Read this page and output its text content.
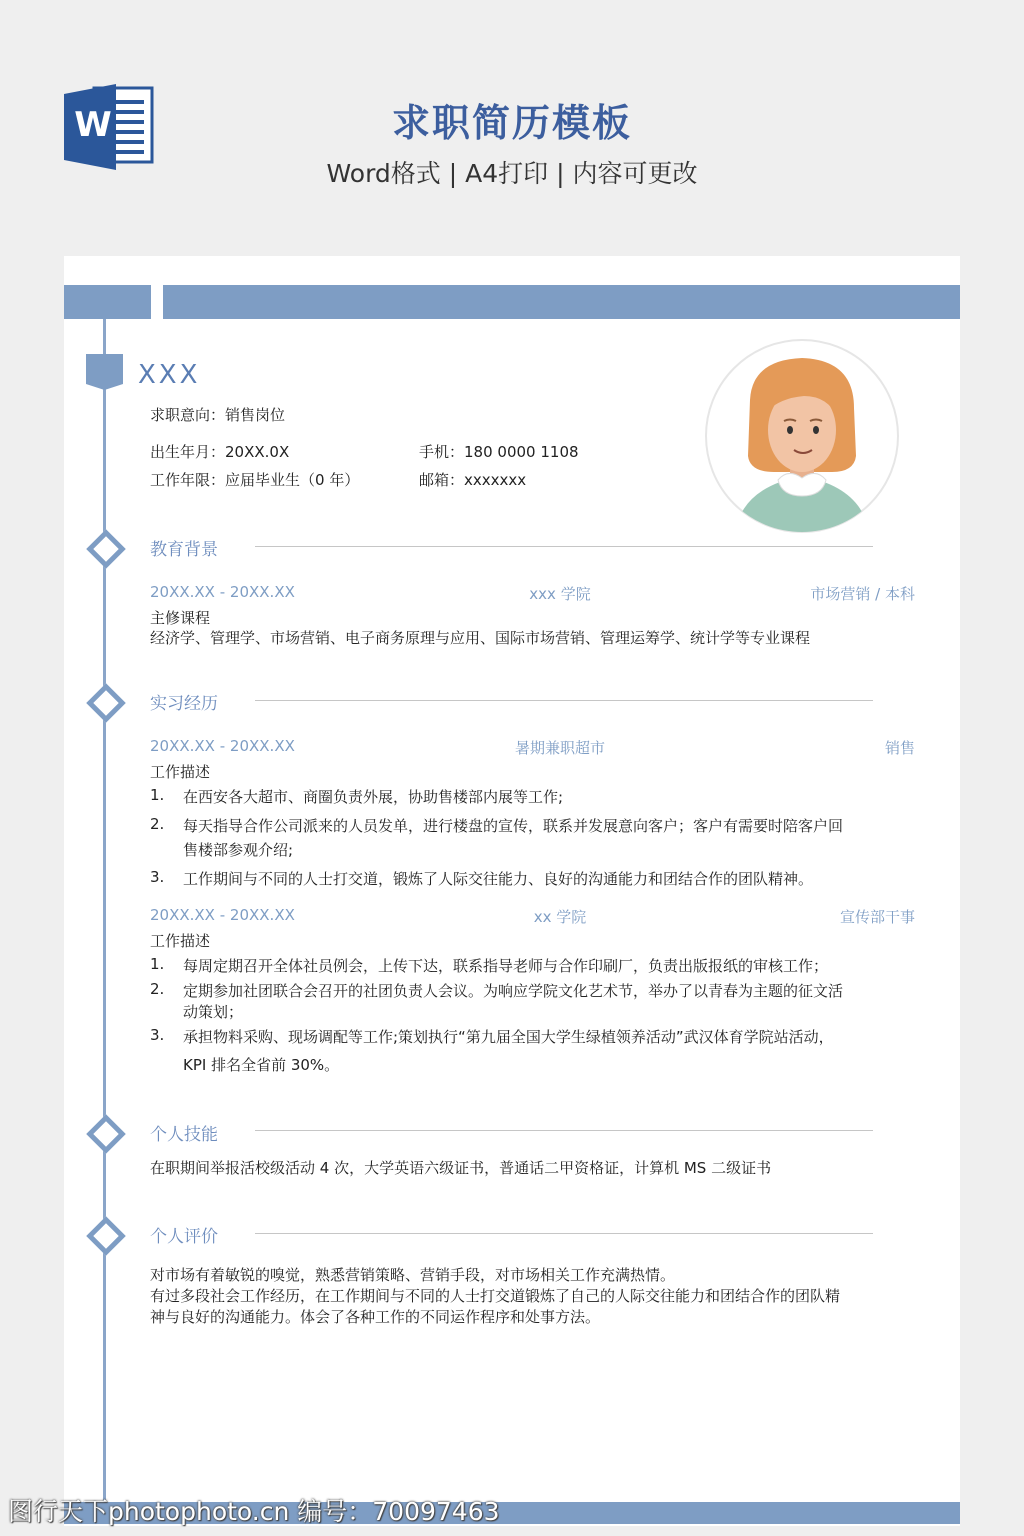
W	求职简历模板
Word格式 | A4打印 | 内容可更改
XXX
求职意向：销售岗位
出生年月：20XX.0X	手机：180 0000 1108
工作年限：应届毕业生（0 年）	邮箱：xxxxxxx
教育背景
20XX.XX - 20XX.XX	xxx 学院	市场营销 / 本科
主修课程
经济学、管理学、市场营销、电子商务原理与应用、国际市场营销、管理运筹学、统计学等专业课程
实习经历
20XX.XX - 20XX.XX	暑期兼职超市	销售
工作描述
1. 在西安各大超市、商圈负责外展，协助售楼部内展等工作;
2. 每天指导合作公司派来的人员发单，进行楼盘的宣传，联系并发展意向客户；客户有需要时陪客户回
售楼部参观介绍;
3. 工作期间与不同的人士打交道，锻炼了人际交往能力、良好的沟通能力和团结合作的团队精神。
20XX.XX - 20XX.XX	xx 学院	宣传部干事
工作描述
1. 每周定期召开全体社员例会，上传下达，联系指导老师与合作印刷厂，负责出版报纸的审核工作；
2. 定期参加社团联合会召开的社团负责人会议。为响应学院文化艺术节，举办了以青春为主题的征文活
动策划；
3. 承担物料采购、现场调配等工作;策划执行“第九届全国大学生绿植领养活动”武汉体育学院站活动，
KPI 排名全省前 30%。
个人技能
在职期间举报活校级活动 4 次，大学英语六级证书，普通话二甲资格证，计算机 MS 二级证书
个人评价
对市场有着敏锐的嗅觉，熟悉营销策略、营销手段，对市场相关工作充满热情。
有过多段社会工作经历，在工作期间与不同的人士打交道锻炼了自己的人际交往能力和团结合作的团队精
神与良好的沟通能力。体会了各种工作的不同运作程序和处事方法。
图行天下photophoto.cn 编号：70097463
